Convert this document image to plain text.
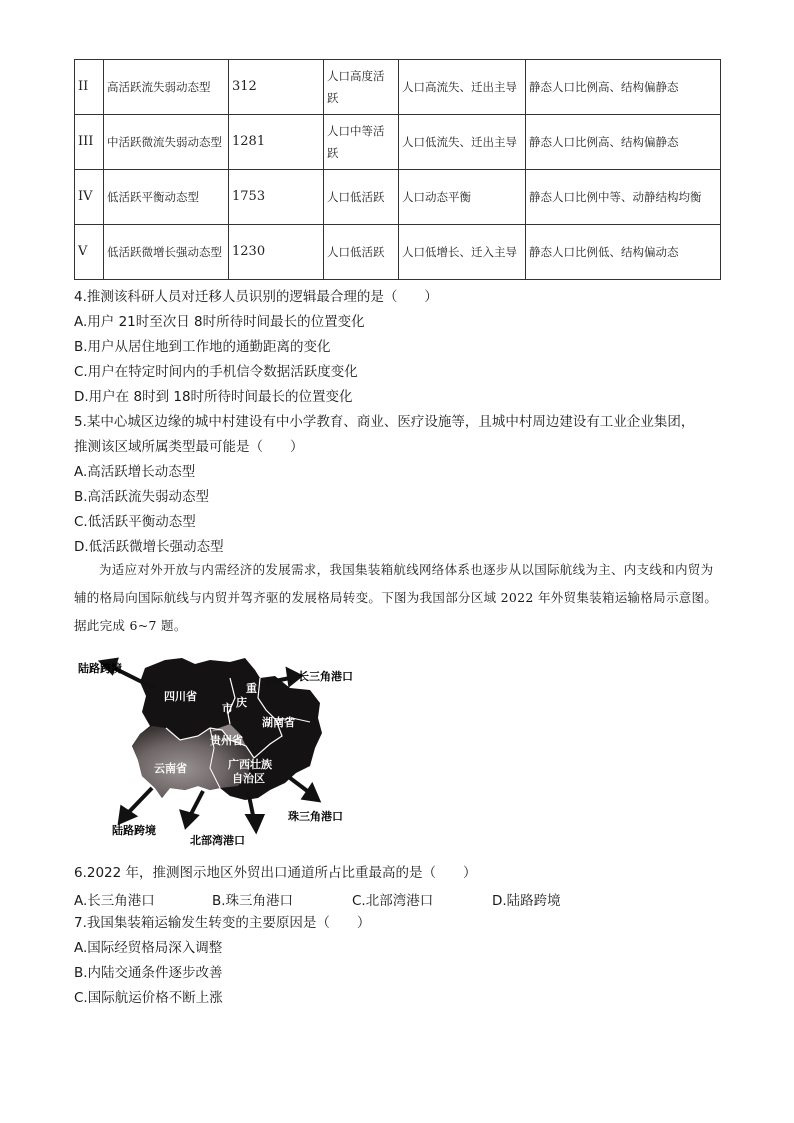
II	高活跃流失弱动态型	312	人口高度活跃	人口高流失、迁出主导	静态人口比例高、结构偏静态
III	中活跃微流失弱动态型	1281	人口中等活跃	人口低流失、迁出主导	静态人口比例高、结构偏静态
IV	低活跃平衡动态型	1753	人口低活跃	人口动态平衡	静态人口比例中等、动静结构均衡
V	低活跃微增长强动态型	1230	人口低活跃	人口低增长、迁入主导	静态人口比例低、结构偏动态
4.推测该科研人员对迁移人员识别的逻辑最合理的是（　　）
A.用户 21时至次日 8时所待时间最长的位置变化
B.用户从居住地到工作地的通勤距离的变化
C.用户在特定时间内的手机信令数据活跃度变化
D.用户在 8时到 18时所待时间最长的位置变化
5.某中心城区边缘的城中村建设有中小学教育、商业、医疗设施等，且城中村周边建设有工业企业集团，
推测该区域所属类型最可能是（　　）
A.高活跃增长动态型
B.高活跃流失弱动态型
C.低活跃平衡动态型
D.低活跃微增长强动态型
为适应对外开放与内需经济的发展需求，我国集装箱航线网络体系也逐步从以国际航线为主、内支线和内贸为辅的格局向国际航线与内贸并驾齐驱的发展格局转变。下图为我国部分区域 2022 年外贸集装箱运输格局示意图。据此完成 6~7 题。
陆路跨境
长三角港口
四川省
重
庆
市
湖南省
贵州省
云南省	广西壮族
自治区
珠三角港口
陆路跨境
北部湾港口
6.2022 年，推测图示地区外贸出口通道所占比重最高的是（　　）
A.长三角港口	B.珠三角港口	C.北部湾港口	D.陆路跨境
7.我国集装箱运输发生转变的主要原因是（　　）
A.国际经贸格局深入调整
B.内陆交通条件逐步改善
C.国际航运价格不断上涨
